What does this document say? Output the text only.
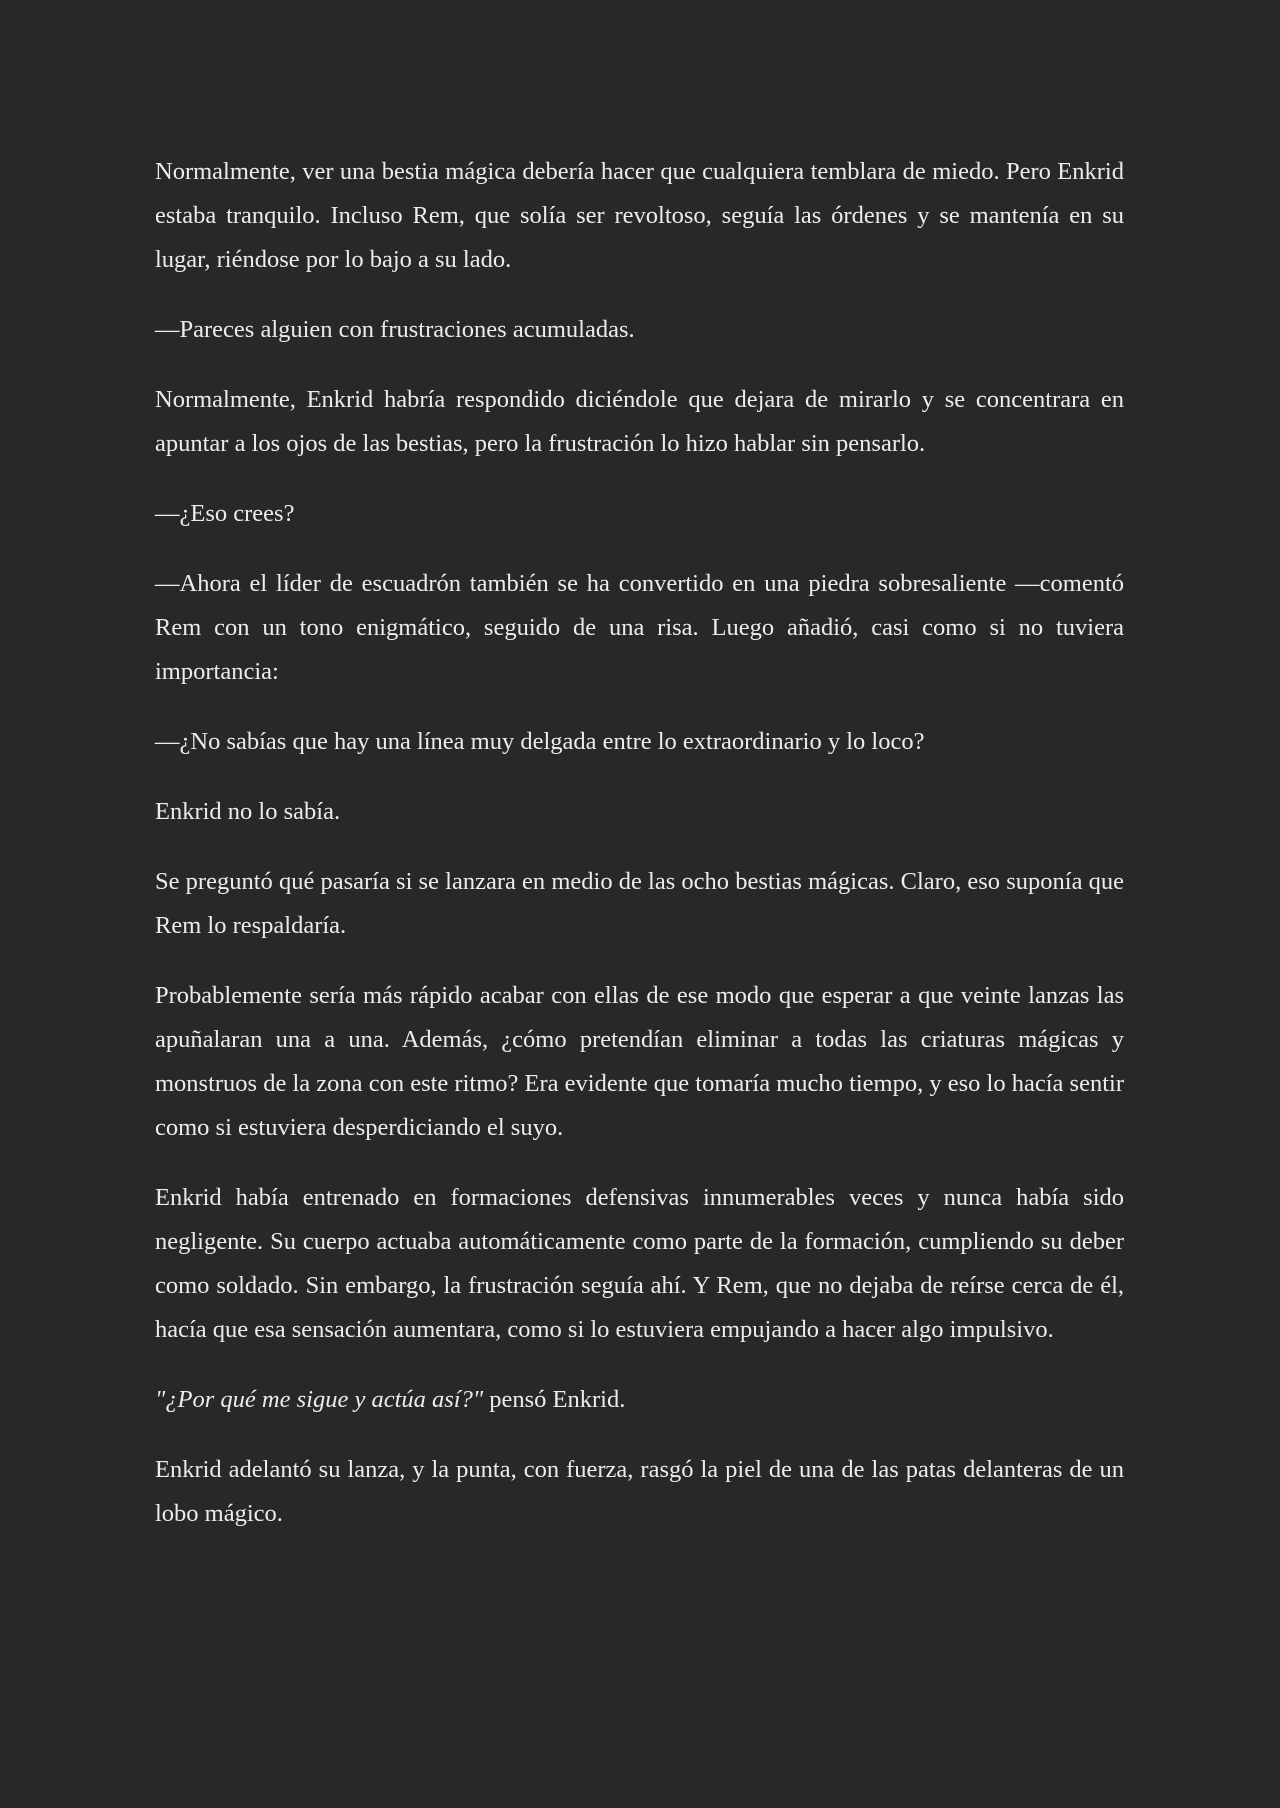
Normalmente, ver una bestia mágica debería hacer que cualquiera temblara de miedo. Pero Enkrid estaba tranquilo. Incluso Rem, que solía ser revoltoso, seguía las órdenes y se mantenía en su lugar, riéndose por lo bajo a su lado.

—Pareces alguien con frustraciones acumuladas.

Normalmente, Enkrid habría respondido diciéndole que dejara de mirarlo y se concentrara en apuntar a los ojos de las bestias, pero la frustración lo hizo hablar sin pensarlo.

—¿Eso crees?

—Ahora el líder de escuadrón también se ha convertido en una piedra sobresaliente —comentó Rem con un tono enigmático, seguido de una risa. Luego añadió, casi como si no tuviera importancia:

—¿No sabías que hay una línea muy delgada entre lo extraordinario y lo loco?

Enkrid no lo sabía.

Se preguntó qué pasaría si se lanzara en medio de las ocho bestias mágicas. Claro, eso suponía que Rem lo respaldaría.

Probablemente sería más rápido acabar con ellas de ese modo que esperar a que veinte lanzas las apuñalaran una a una. Además, ¿cómo pretendían eliminar a todas las criaturas mágicas y monstruos de la zona con este ritmo? Era evidente que tomaría mucho tiempo, y eso lo hacía sentir como si estuviera desperdiciando el suyo.

Enkrid había entrenado en formaciones defensivas innumerables veces y nunca había sido negligente. Su cuerpo actuaba automáticamente como parte de la formación, cumpliendo su deber como soldado. Sin embargo, la frustración seguía ahí. Y Rem, que no dejaba de reírse cerca de él, hacía que esa sensación aumentara, como si lo estuviera empujando a hacer algo impulsivo.

"¿Por qué me sigue y actúa así?" pensó Enkrid.

Enkrid adelantó su lanza, y la punta, con fuerza, rasgó la piel de una de las patas delanteras de un lobo mágico.
